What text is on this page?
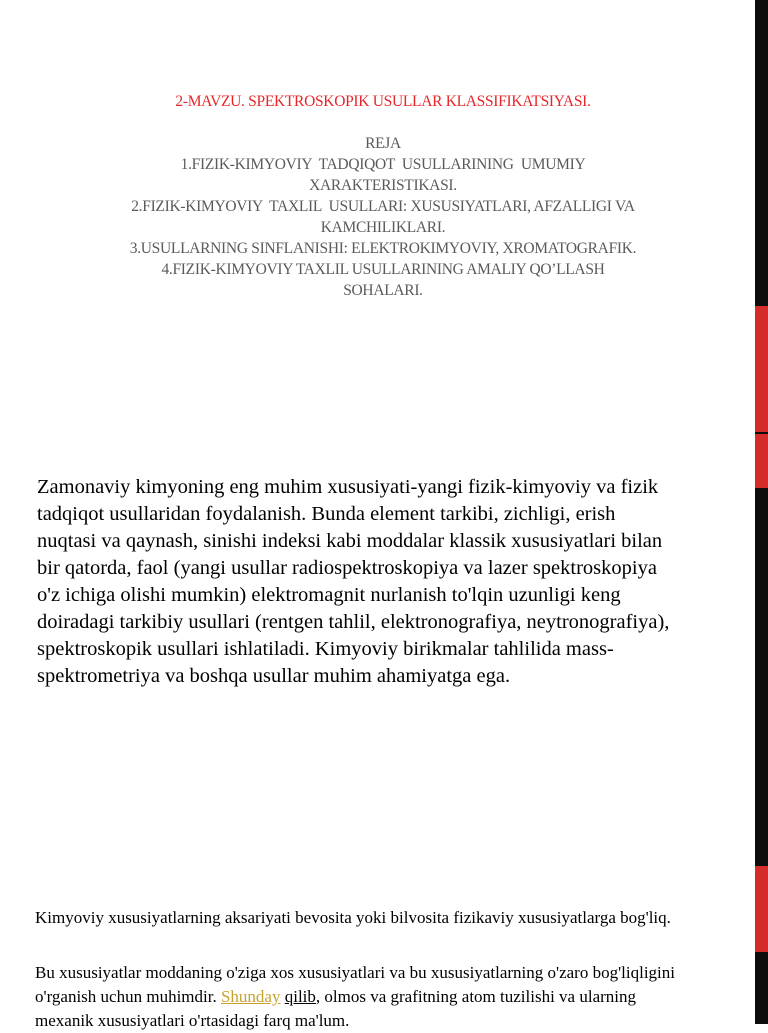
2-MAVZU. SPEKTROSKOPIK USULLAR KLASSIFIKATSIYASI.
REJA
1.FIZIK-KIMYOVIY  TADQIQOT  USULLARINING  UMUMIY
XARAKTERISTIKASI.
2.FIZIK-KIMYOVIY  TAXLIL  USULLARI: XUSUSIYATLARI, AFZALLIGI VA
KAMCHILIKLARI.
3.USULLARNING SINFLANISHI: ELEKTROKIMYOVIY, XROMATOGRAFIK.
4.FIZIK-KIMYOVIY TAXLIL USULLARINING AMALIY QO’LLASH
SOHALARI.

Zamonaviy kimyoning eng muhim xususiyati-yangi fizik-kimyoviy va fizik tadqiqot usullaridan foydalanish. Bunda element tarkibi, zichligi, erish nuqtasi va qaynash, sinishi indeksi kabi moddalar klassik xususiyatlari bilan bir qatorda, faol (yangi usullar radiospektroskopiya va lazer spektroskopiya o'z ichiga olishi mumkin) elektromagnit nurlanish to'lqin uzunligi keng doiradagi tarkibiy usullari (rentgen tahlil, elektronografiya, neytronografiya), spektroskopik usullari ishlatiladi. Kimyoviy birikmalar tahlilida mass-spektrometriya va boshqa usullar muhim ahamiyatga ega.

Kimyoviy xususiyatlarning aksariyati bevosita yoki bilvosita fizikaviy xususiyatlarga bog'liq.

Bu xususiyatlar moddaning o'ziga xos xususiyatlari va bu xususiyatlarning o'zaro bog'liqligini o'rganish uchun muhimdir. Shunday qilib, olmos va grafitning atom tuzilishi va ularning mexanik xususiyatlari o'rtasidagi farq ma'lum.
